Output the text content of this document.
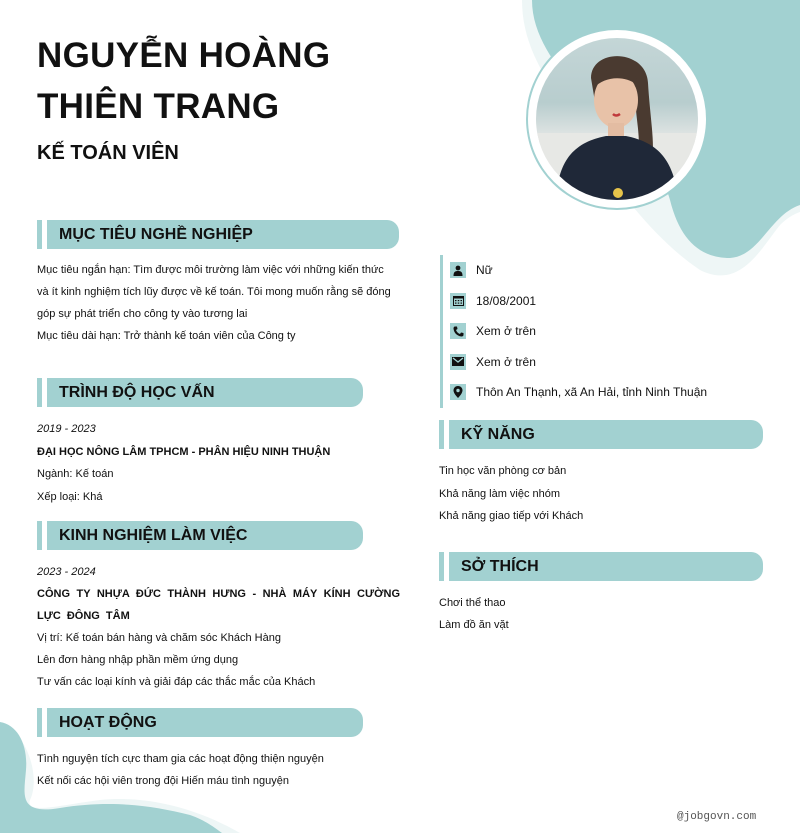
NGUYỄN HOÀNG
THIÊN TRANG
KẾ TOÁN VIÊN
MỤC TIÊU NGHỀ NGHIỆP

Mục tiêu ngắn hạn: Tìm được môi trường làm việc với những kiến thức và ít kinh nghiệm tích lũy được về kế toán. Tôi mong muốn rằng sẽ đóng góp sự phát triển cho công ty vào tương lai

Mục tiêu dài hạn: Trở thành kế toán viên của Công ty

TRÌNH ĐỘ HỌC VẤN

2019 - 2023

ĐẠI HỌC NÔNG LÂM TPHCM - PHÂN HIỆU NINH THUẬN

Ngành: Kế toán

Xếp loại: Khá

KINH NGHIỆM LÀM VIỆC

2023 - 2024

CÔNG TY NHỰA ĐỨC THÀNH HƯNG - NHÀ MÁY KÍNH CƯỜNG LỰC ĐÔNG TÂM

Vị trí: Kế toán bán hàng và chăm sóc Khách Hàng

Lên đơn hàng nhập phần mềm ứng dụng

Tư vấn các loại kính và giải đáp các thắc mắc của Khách

HOẠT ĐỘNG

Tình nguyện tích cực tham gia các hoạt động thiện nguyện

Kết nối các hội viên trong đội Hiến máu tình nguyện

Nữ
18/08/2001
Xem ở trên
Xem ở trên
Thôn An Thạnh, xã An Hải, tỉnh Ninh Thuận
KỸ NĂNG

Tin học văn phòng cơ bản

Khả năng làm việc nhóm

Khả năng giao tiếp với Khách

SỞ THÍCH

Chơi thể thao

Làm đồ ăn vặt

@jobgovn.com
